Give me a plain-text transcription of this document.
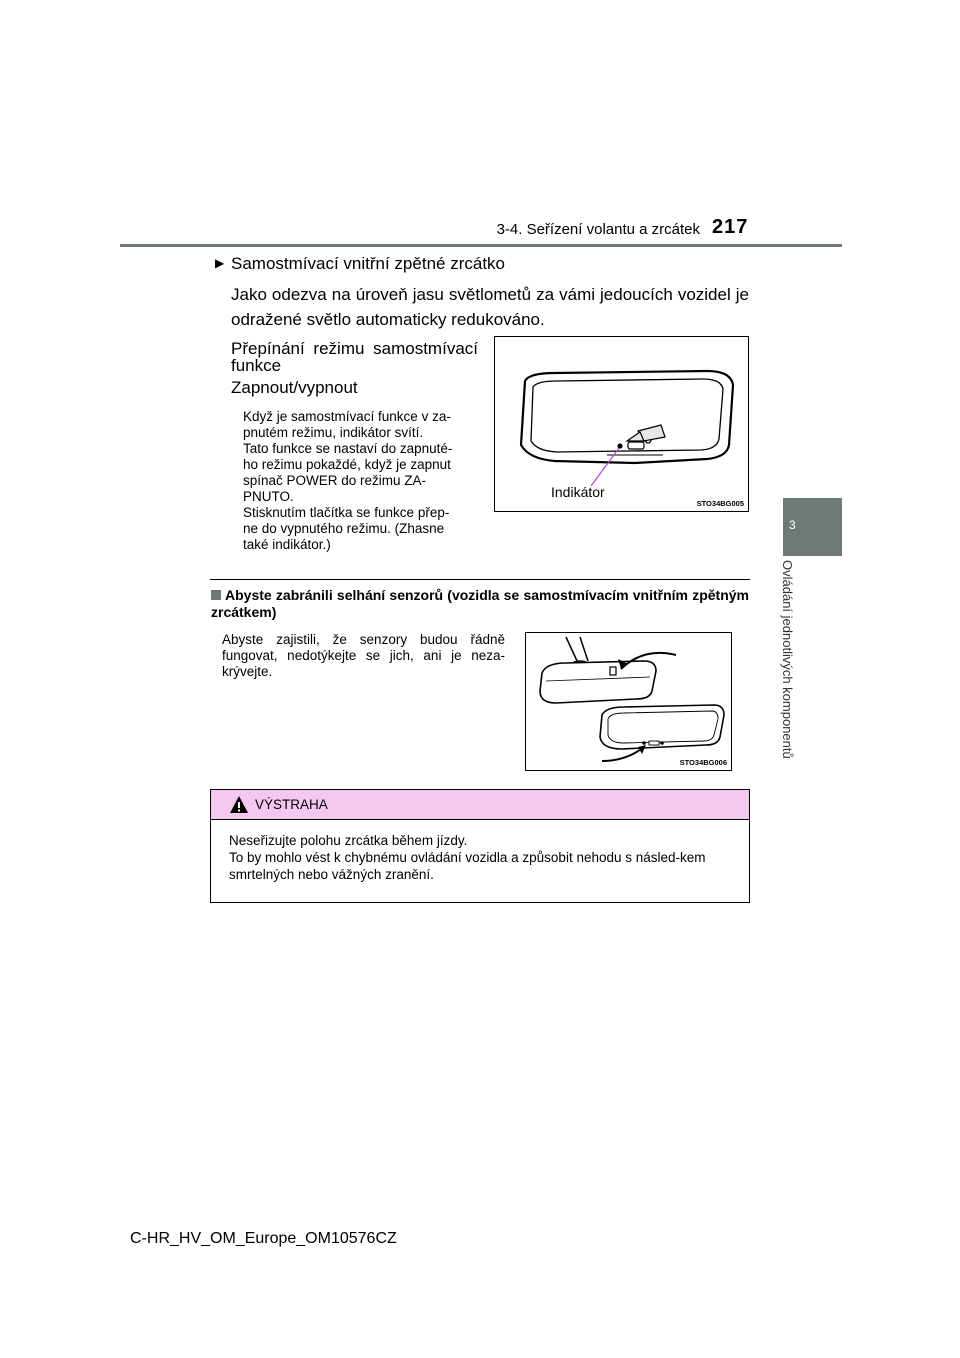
3-4. Seřízení volantu a zrcátek 217
3
Ovládání jednotlivých komponentů
▶ Samostmívací vnitřní zpětné zrcátko
Jako odezva na úroveň jasu světlometů za vámi jedoucích vozidel je odražené světlo automaticky redukováno.
Přepínání režimu samostmívací
funkce
Zapnout/vypnout

Když je samostmívací funkce v za-

pnutém režimu, indikátor svítí.

Tato funkce se nastaví do zapnuté-

ho režimu pokaždé, když je zapnut

spínač POWER do režimu ZA-

PNUTO.

Stisknutím tlačítka se funkce přep-

ne do vypnutého režimu. (Zhasne

také indikátor.)

Indikátor
STO34BG005
Abyste zabránili selhání senzorů (vozidla se samostmívacím vnitřním zpětným zrcátkem)
Abyste zajistili, že senzory budou řádně fungovat, nedotýkejte se jich, ani je neza-krývejte.
STO34BG006
VÝSTRAHA

Neseřizujte polohu zrcátka během jízdy.

To by mohlo vést k chybnému ovládání vozidla a způsobit nehodu s násled-kem smrtelných nebo vážných zranění.

C-HR_HV_OM_Europe_OM10576CZ
